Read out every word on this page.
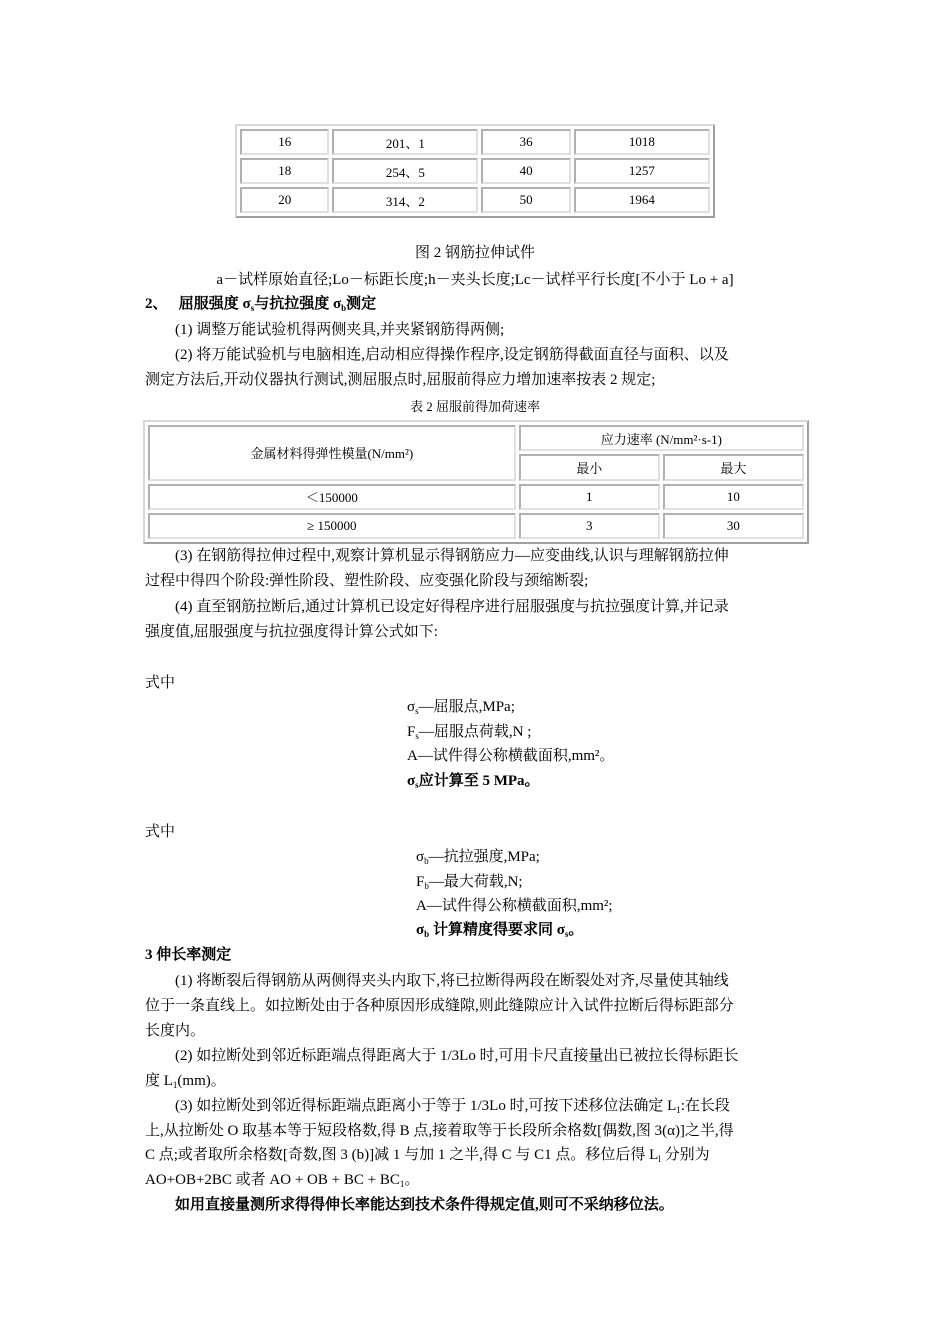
16	201、1	36	1018
18	254、5	40	1257
20	314、2	50	1964
图 2 钢筋拉伸试件
a－试样原始直径;Lo－标距长度;h－夹头长度;Lc－试样平行长度[不小于 Lo + a]
2、 屈服强度 $\sigma_s$与抗拉强度 $\sigma_b$测定
(1) 调整万能试验机得两侧夹具,并夹紧钢筋得两侧;
(2) 将万能试验机与电脑相连,启动相应得操作程序,设定钢筋得截面直径与面积、以及
测定方法后,开动仪器执行测试,测屈服点时,屈服前得应力增加速率按表 2 规定;
表 2 屈服前得加荷速率
金属材料得弹性模量(N/mm²)	应力速率 (N/mm²·s-1)	
	最小	最大
＜150000	1	10
≥ 150000	3	30
(3) 在钢筋得拉伸过程中,观察计算机显示得钢筋应力—应变曲线,认识与理解钢筋拉伸
过程中得四个阶段:弹性阶段、塑性阶段、应变强化阶段与颈缩断裂;
(4) 直至钢筋拉断后,通过计算机已设定好得程序进行屈服强度与抗拉强度计算,并记录
强度值,屈服强度与抗拉强度得计算公式如下:
式中
$\sigma_s—$屈服点,MPa;
$F_s—$屈服点荷载,N ;
A—试件得公称横截面积,mm²。
$\sigma_s$应计算至 5 MPa。
式中
$\sigma_b—$抗拉强度,MPa;
$F_b—$最大荷载,N;
A—试件得公称横截面积,mm²;
$\sigma_b$ 计算精度得要求同 $\sigma_s$。
3 伸长率测定
(1) 将断裂后得钢筋从两侧得夹头内取下,将已拉断得两段在断裂处对齐,尽量使其轴线
位于一条直线上。如拉断处由于各种原因形成缝隙,则此缝隙应计入试件拉断后得标距部分
长度内。
(2) 如拉断处到邻近标距端点得距离大于 1/3Lo 时,可用卡尺直接量出已被拉长得标距长
度 $L_1(mm)$。
(3) 如拉断处到邻近得标距端点距离小于等于 1/3Lo 时,可按下述移位法确定 $L_1$:在长段
上,从拉断处 O 取基本等于短段格数,得 B 点,接着取等于长段所余格数[偶数,图 3(α)]之半,得
C 点;或者取所余格数[奇数,图 3 (b)]减 1 与加 1 之半,得 C 与 C1 点。移位后得 $L_l$ 分别为
AO+OB+2BC 或者 AO + OB + BC + $BC_1$。
如用直接量测所求得得伸长率能达到技术条件得规定值,则可不采纳移位法。
